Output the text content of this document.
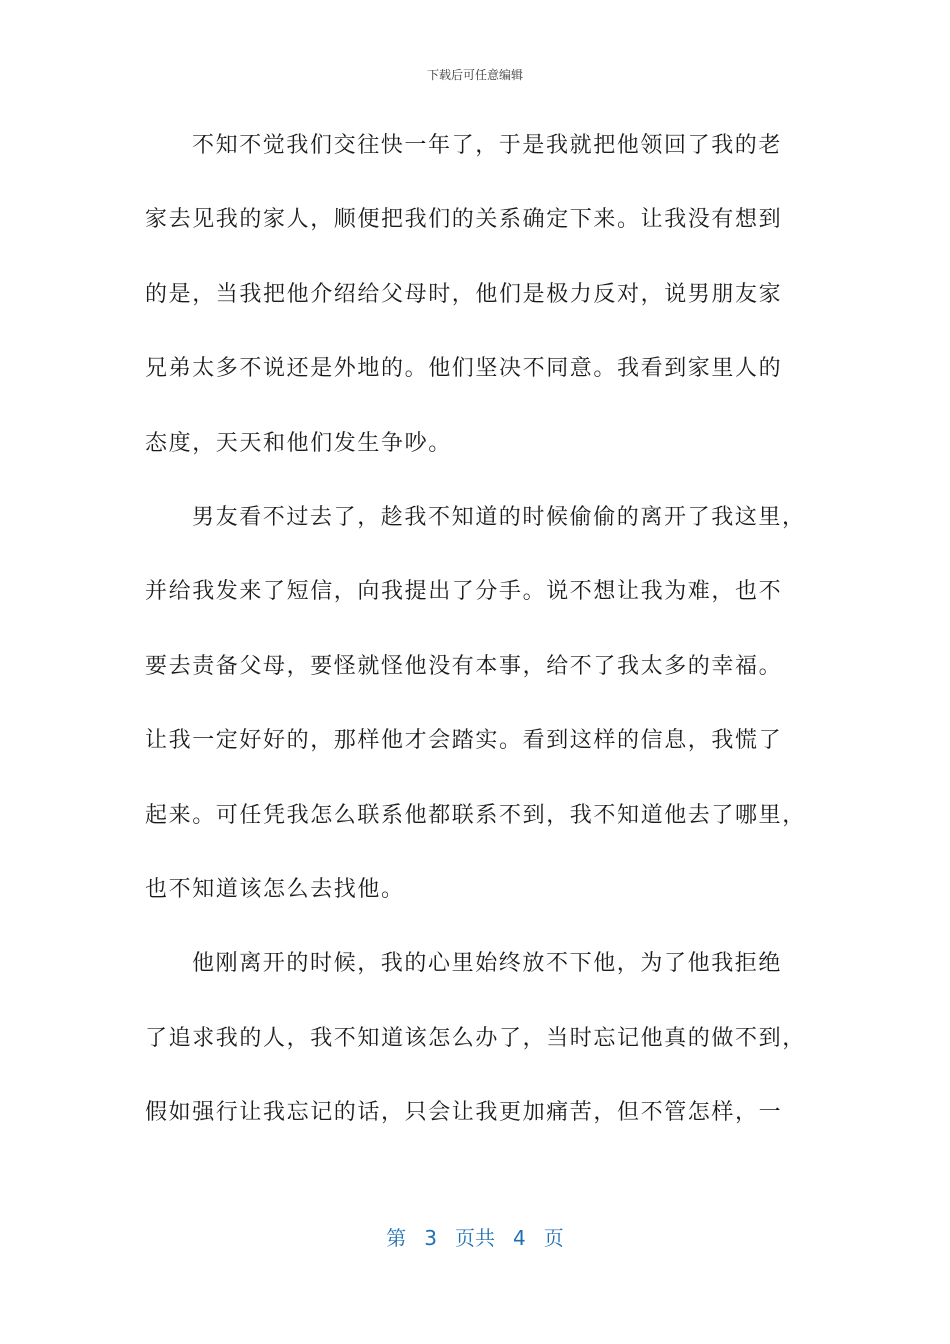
下载后可任意编辑
不知不觉我们交往快一年了，于是我就把他领回了我的老
家去见我的家人，顺便把我们的关系确定下来。让我没有想到
的是，当我把他介绍给父母时，他们是极力反对，说男朋友家
兄弟太多不说还是外地的。他们坚决不同意。我看到家里人的
态度，天天和他们发生争吵。
男友看不过去了，趁我不知道的时候偷偷的离开了我这里，
并给我发来了短信，向我提出了分手。说不想让我为难，也不
要去责备父母，要怪就怪他没有本事，给不了我太多的幸福。
让我一定好好的，那样他才会踏实。看到这样的信息，我慌了
起来。可任凭我怎么联系他都联系不到，我不知道他去了哪里，
也不知道该怎么去找他。
他刚离开的时候，我的心里始终放不下他，为了他我拒绝
了追求我的人，我不知道该怎么办了，当时忘记他真的做不到，
假如强行让我忘记的话，只会让我更加痛苦，但不管怎样，一
第 3 页共 4 页
